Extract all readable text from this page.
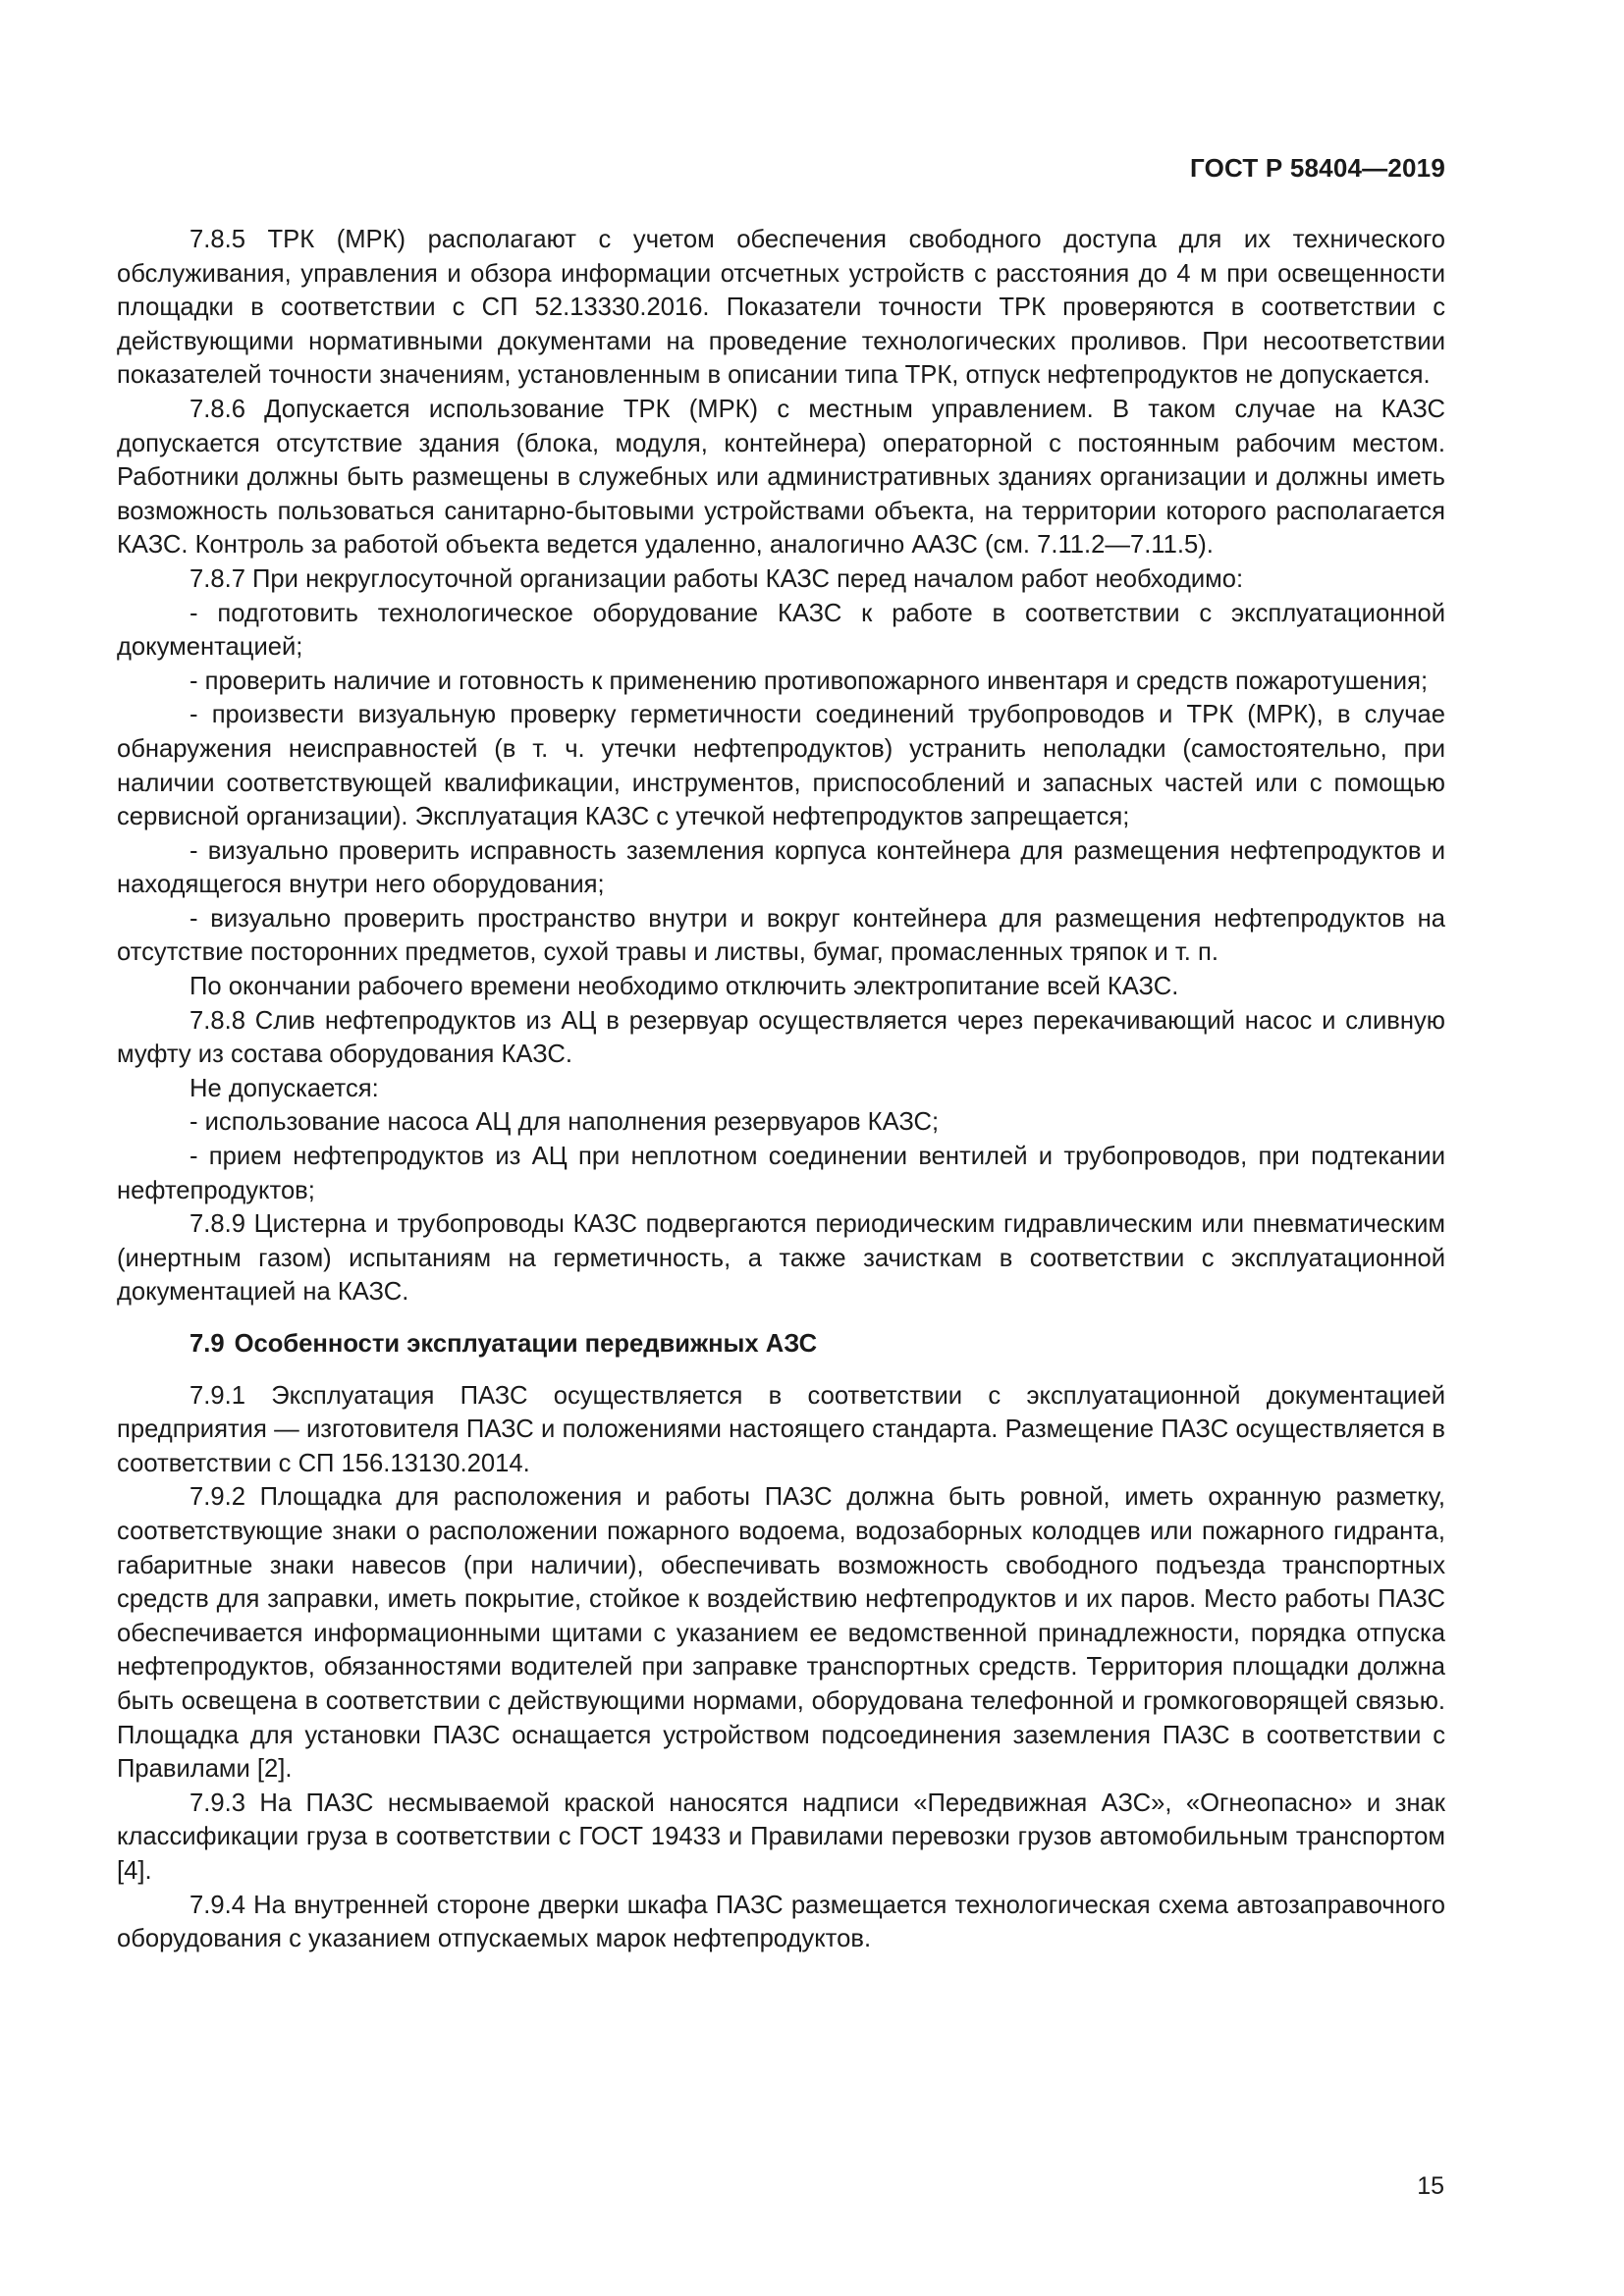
ГОСТ Р 58404—2019

7.8.5 ТРК (МРК) располагают с учетом обеспечения свободного доступа для их технического обслуживания, управления и обзора информации отсчетных устройств с расстояния до 4 м при освещенности площадки в соответствии с СП 52.13330.2016. Показатели точности ТРК проверяются в соответствии с действующими нормативными документами на проведение технологических проливов. При несоответствии показателей точности значениям, установленным в описании типа ТРК, отпуск нефтепродуктов не допускается.

7.8.6 Допускается использование ТРК (МРК) с местным управлением. В таком случае на КАЗС допускается отсутствие здания (блока, модуля, контейнера) операторной с постоянным рабочим местом. Работники должны быть размещены в служебных или административных зданиях организации и должны иметь возможность пользоваться санитарно-бытовыми устройствами объекта, на территории которого располагается КАЗС. Контроль за работой объекта ведется удаленно, аналогично ААЗС (см. 7.11.2—7.11.5).

7.8.7 При некруглосуточной организации работы КАЗС перед началом работ необходимо:

- подготовить технологическое оборудование КАЗС к работе в соответствии с эксплуатационной документацией;

- проверить наличие и готовность к применению противопожарного инвентаря и средств пожаротушения;

- произвести визуальную проверку герметичности соединений трубопроводов и ТРК (МРК), в случае обнаружения неисправностей (в т. ч. утечки нефтепродуктов) устранить неполадки (самостоятельно, при наличии соответствующей квалификации, инструментов, приспособлений и запасных частей или с помощью сервисной организации). Эксплуатация КАЗС с утечкой нефтепродуктов запрещается;

- визуально проверить исправность заземления корпуса контейнера для размещения нефтепродуктов и находящегося внутри него оборудования;

- визуально проверить пространство внутри и вокруг контейнера для размещения нефтепродуктов на отсутствие посторонних предметов, сухой травы и листвы, бумаг, промасленных тряпок и т. п.

По окончании рабочего времени необходимо отключить электропитание всей КАЗС.

7.8.8 Слив нефтепродуктов из АЦ в резервуар осуществляется через перекачивающий насос и сливную муфту из состава оборудования КАЗС.

Не допускается:

- использование насоса АЦ для наполнения резервуаров КАЗС;

- прием нефтепродуктов из АЦ при неплотном соединении вентилей и трубопроводов, при подтекании нефтепродуктов;

7.8.9 Цистерна и трубопроводы КАЗС подвергаются периодическим гидравлическим или пневматическим (инертным газом) испытаниям на герметичность, а также зачисткам в соответствии с эксплуатационной документацией на КАЗС.

7.9 Особенности эксплуатации передвижных АЗС

7.9.1 Эксплуатация ПАЗС осуществляется в соответствии с эксплуатационной документацией предприятия — изготовителя ПАЗС и положениями настоящего стандарта. Размещение ПАЗС осуществляется в соответствии с СП 156.13130.2014.

7.9.2 Площадка для расположения и работы ПАЗС должна быть ровной, иметь охранную разметку, соответствующие знаки о расположении пожарного водоема, водозаборных колодцев или пожарного гидранта, габаритные знаки навесов (при наличии), обеспечивать возможность свободного подъезда транспортных средств для заправки, иметь покрытие, стойкое к воздействию нефтепродуктов и их паров. Место работы ПАЗС обеспечивается информационными щитами с указанием ее ведомственной принадлежности, порядка отпуска нефтепродуктов, обязанностями водителей при заправке транспортных средств. Территория площадки должна быть освещена в соответствии с действующими нормами, оборудована телефонной и громкоговорящей связью. Площадка для установки ПАЗС оснащается устройством подсоединения заземления ПАЗС в соответствии с Правилами [2].

7.9.3 На ПАЗС несмываемой краской наносятся надписи «Передвижная АЗС», «Огнеопасно» и знак классификации груза в соответствии с ГОСТ 19433 и Правилами перевозки грузов автомобильным транспортом [4].

7.9.4 На внутренней стороне дверки шкафа ПАЗС размещается технологическая схема автозаправочного оборудования с указанием отпускаемых марок нефтепродуктов.

15
